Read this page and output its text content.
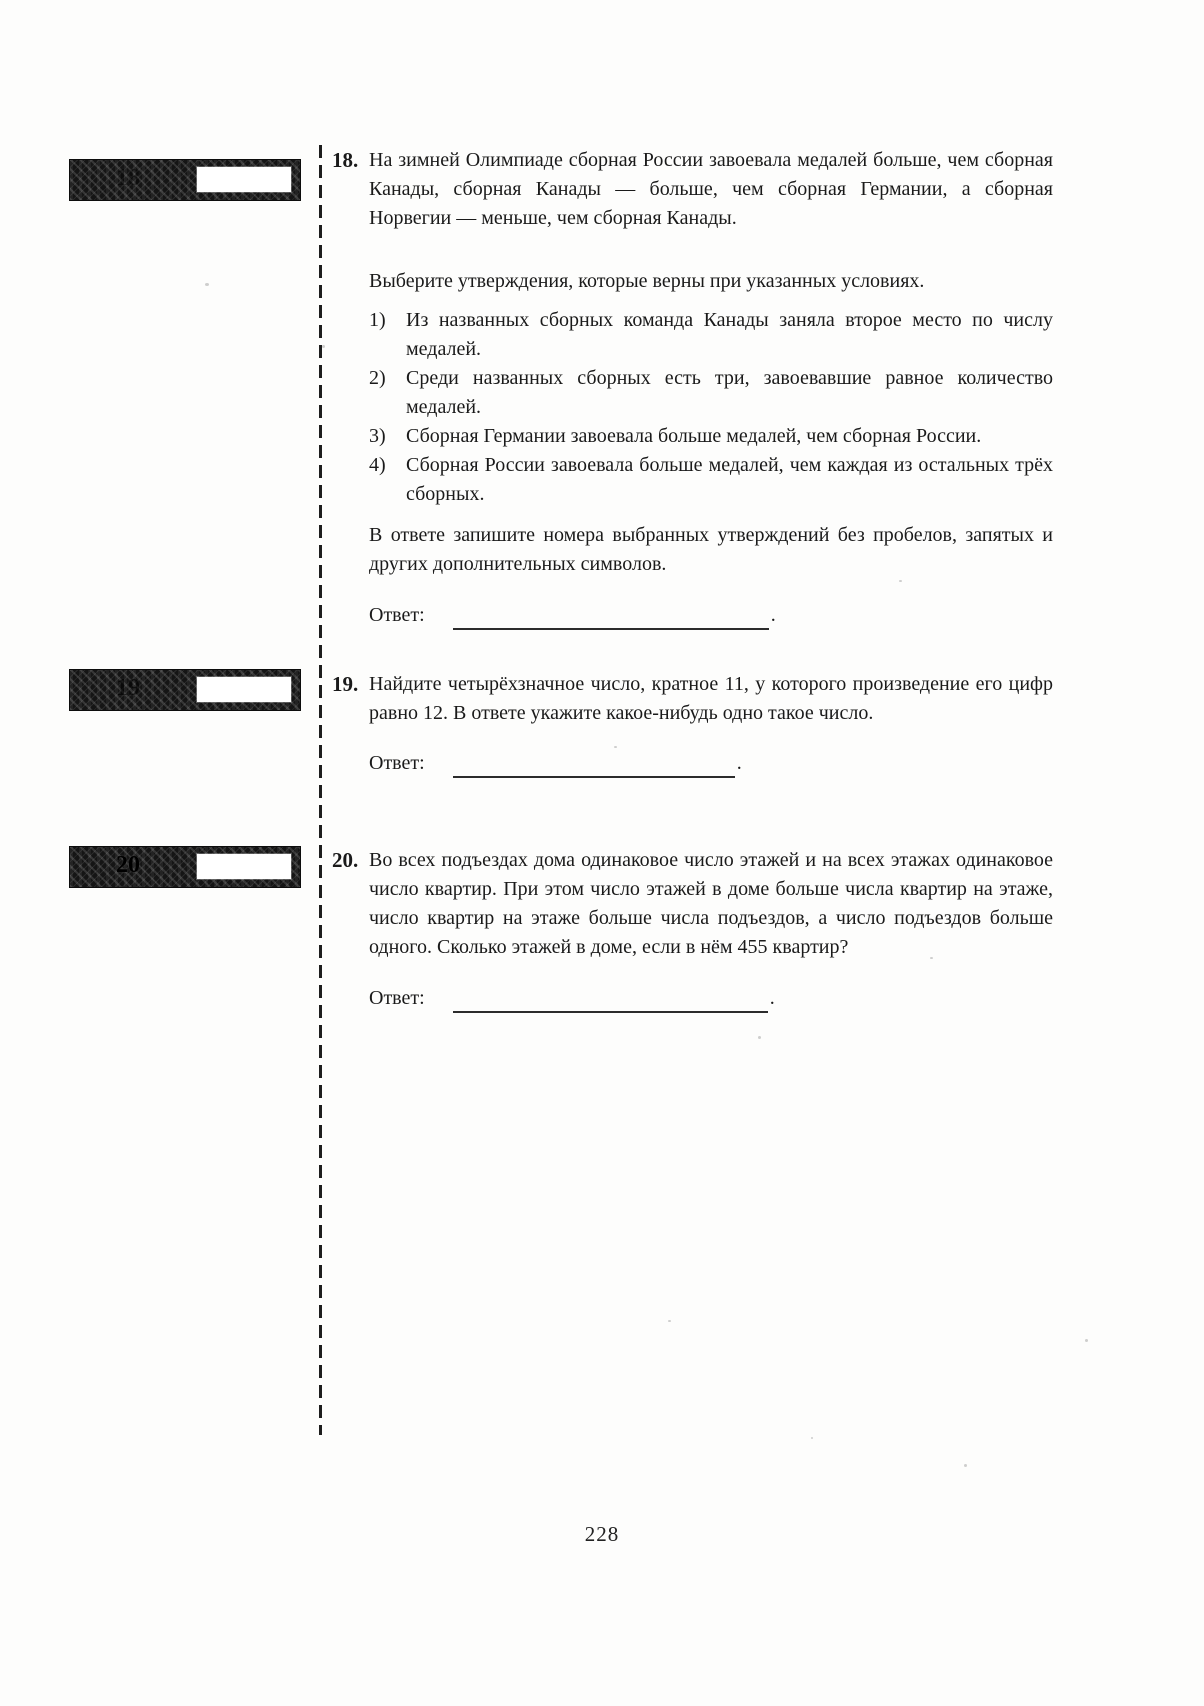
18
19
20
18. На зимней Олимпиаде сборная России завоевала медалей больше, чем сборная Канады, сборная Канады — больше, чем сборная Германии, а сборная Норвегии — меньше, чем сборная Канады.

Выберите утверждения, которые верны при указанных условиях.

1)	Из названных сборных команда Канады заняла второе место по числу медалей.
2)	Среди названных сборных есть три, завоевавшие равное количество медалей.
3)	Сборная Германии завоевала больше медалей, чем сборная России.
4)	Сборная России завоевала больше медалей, чем каждая из остальных трёх сборных.

В ответе запишите номера выбранных утверждений без пробелов, запятых и других дополнительных символов.

Ответ:	.
19. Найдите четырёхзначное число, кратное 11, у которого произведение его цифр равно 12. В ответе укажите какое-нибудь одно такое число.

Ответ:	.
20. Во всех подъездах дома одинаковое число этажей и на всех этажах одинаковое число квартир. При этом число этажей в доме больше числа квартир на этаже, число квартир на этаже больше числа подъездов, а число подъездов больше одного. Сколько этажей в доме, если в нём 455 квартир?

Ответ:	.
228
